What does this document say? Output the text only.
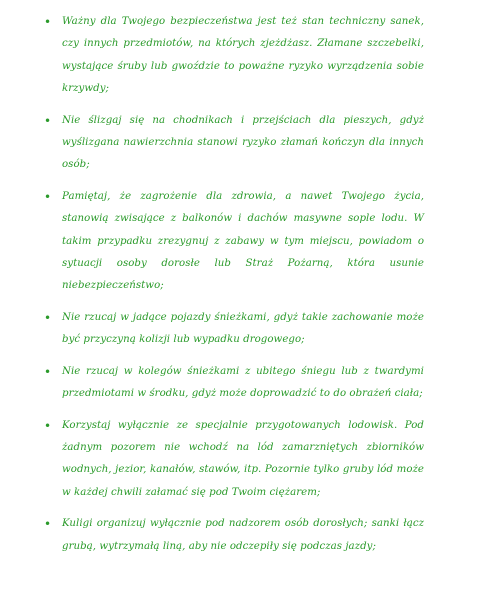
• Ważny dla Twojego bezpieczeństwa jest też stan techniczny sanek, czy innych przedmiotów, na których zjeżdżasz. Złamane szczebelki, wystające śruby lub gwoździe to poważne ryzyko wyrządzenia sobie krzywdy;
• Nie ślizgaj się na chodnikach i przejściach dla pieszych, gdyż wyślizgana nawierzchnia stanowi ryzyko złamań kończyn dla innych osób;
• Pamiętaj, że zagrożenie dla zdrowia, a nawet Twojego życia, stanowią zwisające z balkonów i dachów masywne sople lodu. W takim przypadku zrezygnuj z zabawy w tym miejscu, powiadom o sytuacji osoby dorosłe lub Straż Pożarną, która usunie niebezpieczeństwo;
• Nie rzucaj w jadące pojazdy śnieżkami, gdyż takie zachowanie może być przyczyną kolizji lub wypadku drogowego;
• Nie rzucaj w kolegów śnieżkami z ubitego śniegu lub z twardymi przedmiotami w środku, gdyż może doprowadzić to do obrażeń ciała;
• Korzystaj wyłącznie ze specjalnie przygotowanych lodowisk. Pod żadnym pozorem nie wchodź na lód zamarzniętych zbiorników wodnych, jezior, kanałów, stawów, itp. Pozornie tylko gruby lód może w każdej chwili załamać się pod Twoim ciężarem;
• Kuligi organizuj wyłącznie pod nadzorem osób dorosłych; sanki łącz grubą, wytrzymałą liną, aby nie odczepiły się podczas jazdy;
